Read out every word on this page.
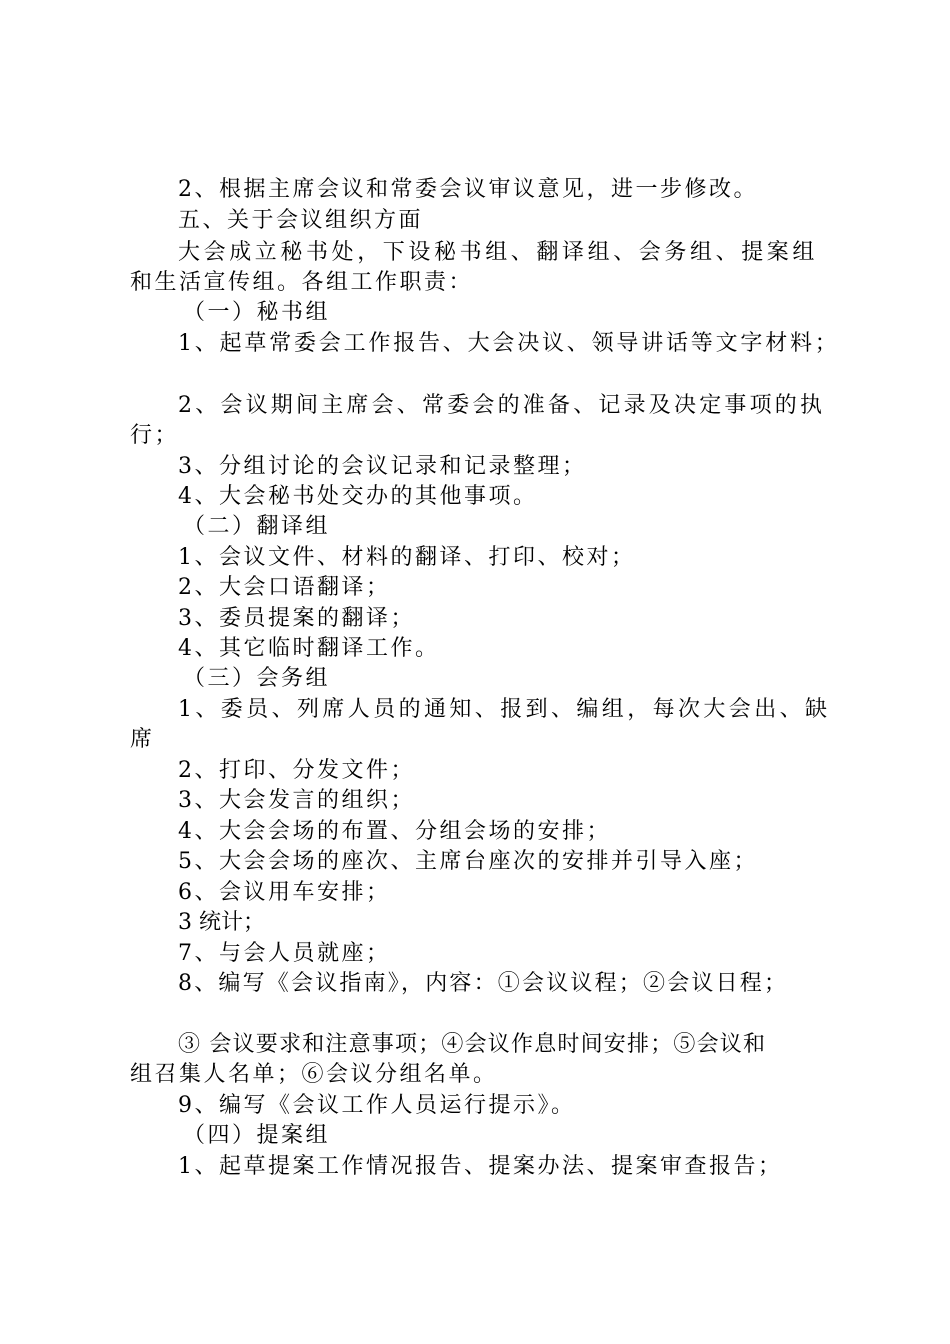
2、根据主席会议和常委会议审议意见，进一步修改。
五、关于会议组织方面
大会成立秘书处，下设秘书组、翻译组、会务组、提案组
和生活宣传组。各组工作职责：
（一）秘书组
1、起草常委会工作报告、大会决议、领导讲话等文字材料；
2、会议期间主席会、常委会的准备、记录及决定事项的执
行；
3、分组讨论的会议记录和记录整理；
4、大会秘书处交办的其他事项。
（二）翻译组
1、会议文件、材料的翻译、打印、校对；
2、大会口语翻译；
3、委员提案的翻译；
4、其它临时翻译工作。
（三）会务组
1、委员、列席人员的通知、报到、编组，每次大会出、缺
席
2、打印、分发文件；
3、大会发言的组织；
4、大会会场的布置、分组会场的安排；
5、大会会场的座次、主席台座次的安排并引导入座；
6、会议用车安排；
3 统计；
7、与会人员就座；
8、编写《会议指南》，内容：①会议议程；②会议日程；
③ 会议要求和注意事项；④会议作息时间安排；⑤会议和
组召集人名单；⑥会议分组名单。
9、编写《会议工作人员运行提示》。
（四）提案组
1、起草提案工作情况报告、提案办法、提案审查报告；
